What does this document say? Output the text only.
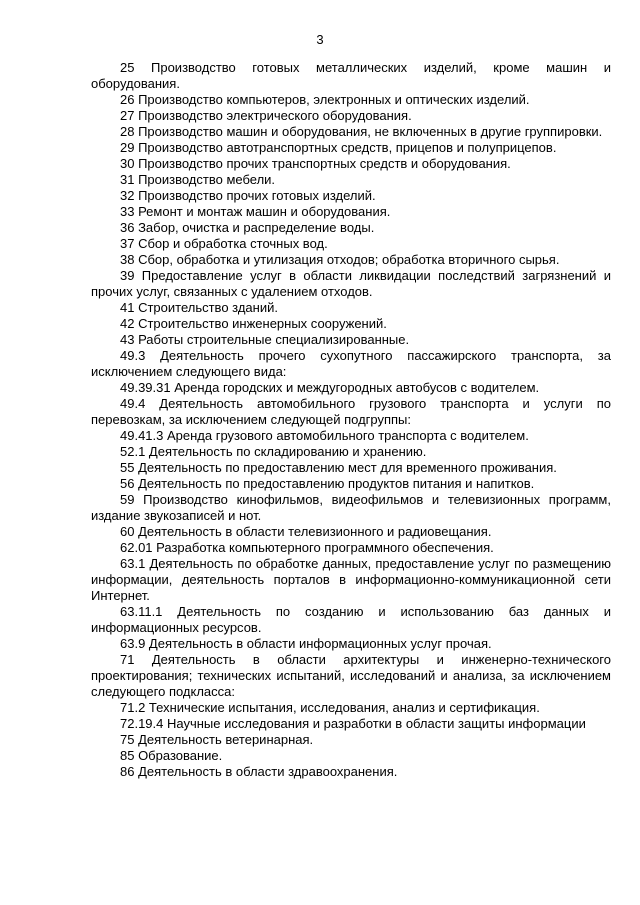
3

25 Производство готовых металлических изделий, кроме машин и оборудования.

26 Производство компьютеров, электронных и оптических изделий.

27 Производство электрического оборудования.

28 Производство машин и оборудования, не включенных в другие группировки.

29 Производство автотранспортных средств, прицепов и полуприцепов.

30 Производство прочих транспортных средств и оборудования.

31 Производство мебели.

32 Производство прочих готовых изделий.

33 Ремонт и монтаж машин и оборудования.

36 Забор, очистка и распределение воды.

37 Сбор и обработка сточных вод.

38 Сбор, обработка и утилизация отходов; обработка вторичного сырья.

39 Предоставление услуг в области ликвидации последствий загрязнений и прочих услуг, связанных с удалением отходов.

41 Строительство зданий.

42 Строительство инженерных сооружений.

43 Работы строительные специализированные.

49.3 Деятельность прочего сухопутного пассажирского транспорта, за исключением следующего вида:

49.39.31 Аренда городских и междугородных автобусов с водителем.

49.4 Деятельность автомобильного грузового транспорта и услуги по перевозкам, за исключением следующей подгруппы:

49.41.3 Аренда грузового автомобильного транспорта с водителем.

52.1 Деятельность по складированию и хранению.

55 Деятельность по предоставлению мест для временного проживания.

56 Деятельность по предоставлению продуктов питания и напитков.

59 Производство кинофильмов, видеофильмов и телевизионных программ, издание звукозаписей и нот.

60 Деятельность в области телевизионного и радиовещания.

62.01 Разработка компьютерного программного обеспечения.

63.1 Деятельность по обработке данных, предоставление услуг по размещению информации, деятельность порталов в информационно-коммуникационной сети Интернет.

63.11.1 Деятельность по созданию и использованию баз данных и информационных ресурсов.

63.9 Деятельность в области информационных услуг прочая.

71 Деятельность в области архитектуры и инженерно-технического проектирования; технических испытаний, исследований и анализа, за исключением следующего подкласса:

71.2 Технические испытания, исследования, анализ и сертификация.

72.19.4 Научные исследования и разработки в области защиты информации

75 Деятельность ветеринарная.

85 Образование.

86 Деятельность в области здравоохранения.
